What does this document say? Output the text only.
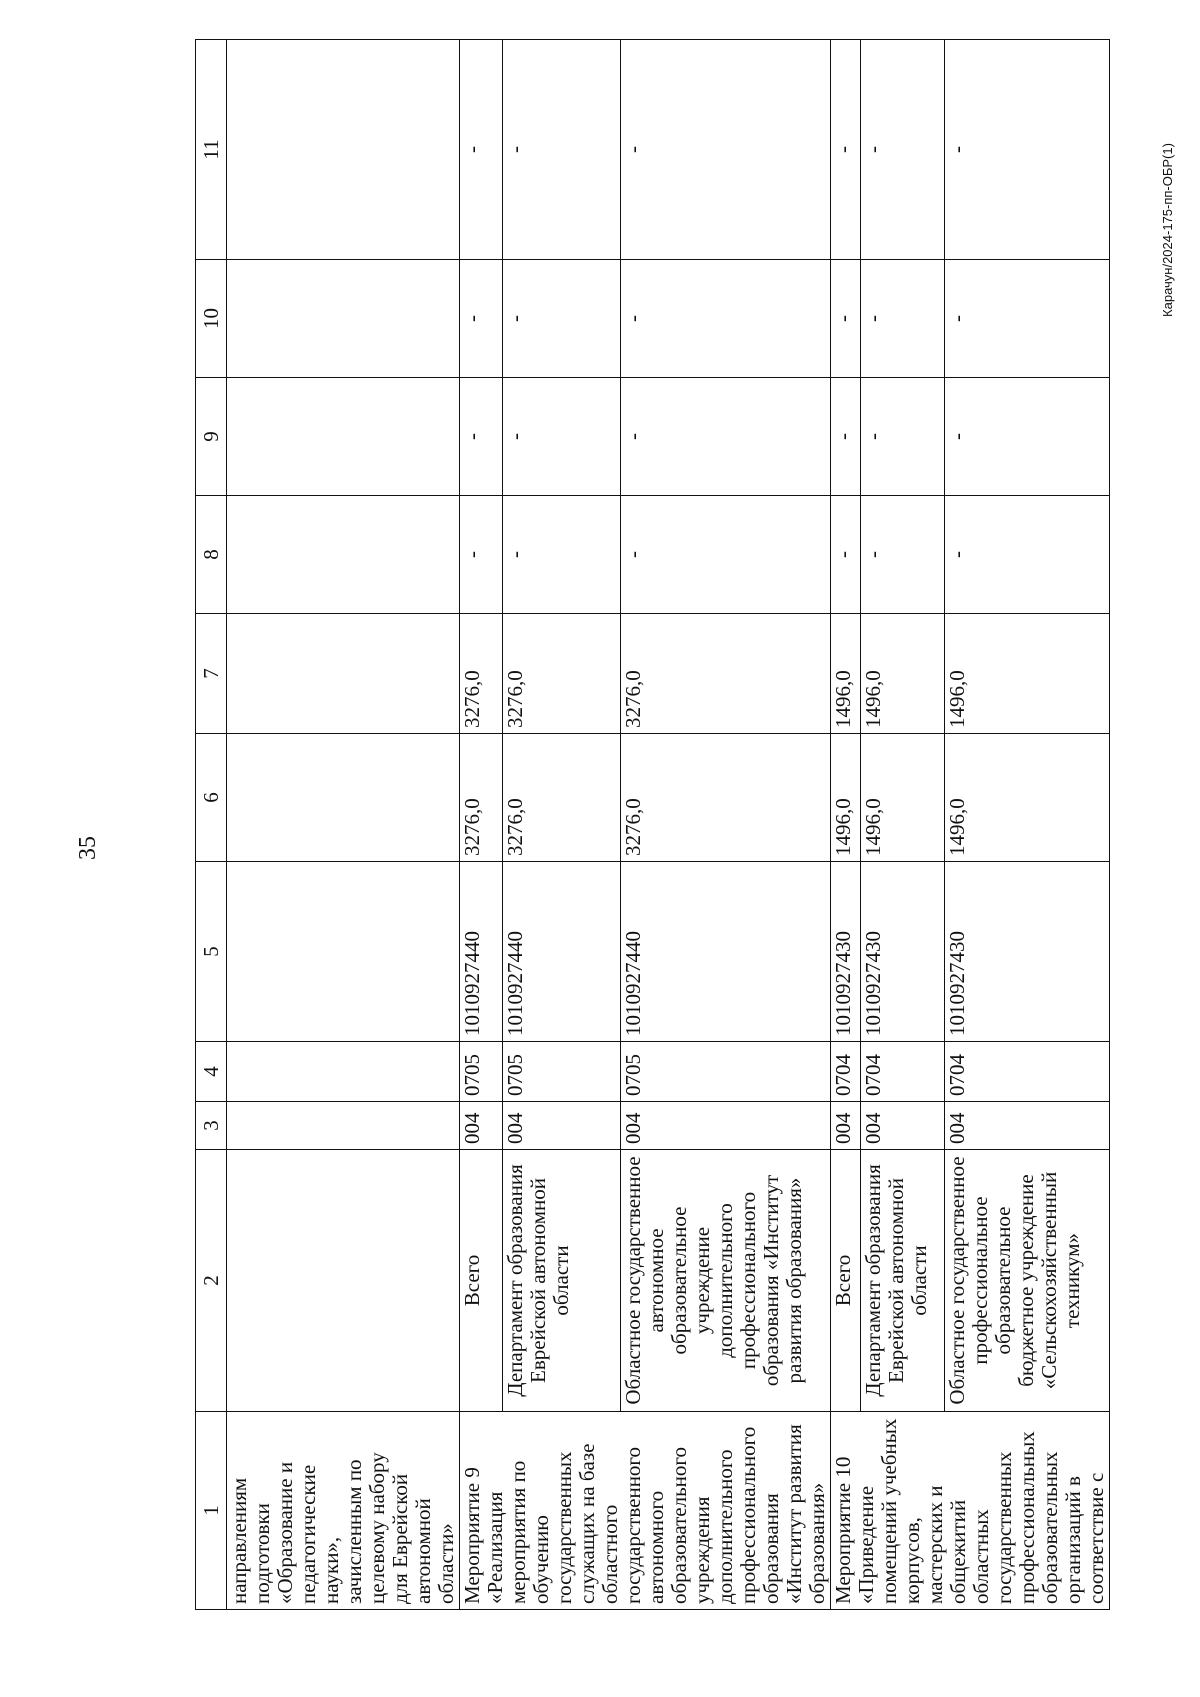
35
Карачун/2024-175-пп-ОБР(1)
1	2	3	4	5	6	7	8	9	10	11
направлениям подготовки «Образование и педагогические науки», зачисленным по целевому набору для Еврейской автономной области»										
Мероприятие 9 «Реализация мероприятия по обучению государственных служащих на базе областного государственного автономного образовательного учреждения дополнительного профессионального образования «Институт развития образования»	Всего	004	0705	1010927440	3276,0	3276,0	-	-	-	-
	Департамент образования Еврейской автономной области	004	0705	1010927440	3276,0	3276,0	-	-	-	-
	Областное государственное автономное образовательное учреждение дополнительного профессионального образования «Институт развития образования»	004	0705	1010927440	3276,0	3276,0	-	-	-	-
Мероприятие 10 «Приведение помещений учебных корпусов, мастерских и общежитий областных государственных профессиональных образовательных организаций в соответствие с	Всего	004	0704	1010927430	1496,0	1496,0	-	-	-	-
	Департамент образования Еврейской автономной области	004	0704	1010927430	1496,0	1496,0	-	-	-	-
	Областное государственное профессиональное образовательное бюджетное учреждение «Сельскохозяйственный техникум»	004	0704	1010927430	1496,0	1496,0	-	-	-	-
